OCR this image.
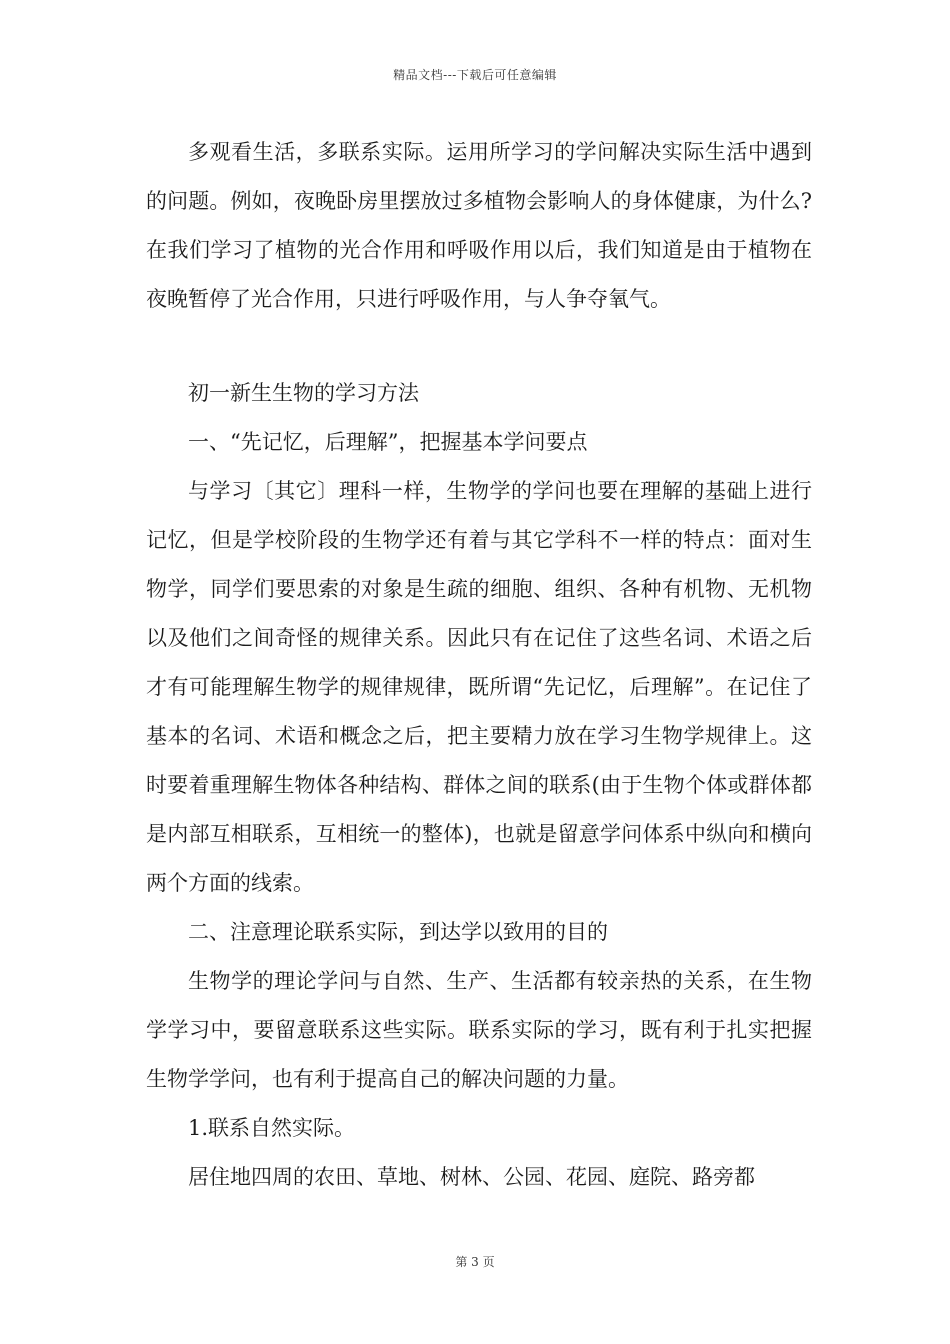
精品文档---下载后可任意编辑

多观看生活，多联系实际。运用所学习的学问解决实际生活中遇到的问题。例如，夜晚卧房里摆放过多植物会影响人的身体健康，为什么?在我们学习了植物的光合作用和呼吸作用以后，我们知道是由于植物在夜晚暂停了光合作用，只进行呼吸作用，与人争夺氧气。

初一新生生物的学习方法

一、“先记忆，后理解”，把握基本学问要点

与学习〔其它〕理科一样，生物学的学问也要在理解的基础上进行记忆，但是学校阶段的生物学还有着与其它学科不一样的特点：面对生物学，同学们要思索的对象是生疏的细胞、组织、各种有机物、无机物以及他们之间奇怪的规律关系。因此只有在记住了这些名词、术语之后才有可能理解生物学的规律规律，既所谓“先记忆，后理解”。在记住了基本的名词、术语和概念之后，把主要精力放在学习生物学规律上。这时要着重理解生物体各种结构、群体之间的联系(由于生物个体或群体都是内部互相联系，互相统一的整体)，也就是留意学问体系中纵向和横向两个方面的线索。

二、注意理论联系实际，到达学以致用的目的

生物学的理论学问与自然、生产、生活都有较亲热的关系，在生物学学习中，要留意联系这些实际。联系实际的学习，既有利于扎实把握生物学学问，也有利于提高自己的解决问题的力量。

1.联系自然实际。

居住地四周的农田、草地、树林、公园、花园、庭院、路旁都

第 3 页
